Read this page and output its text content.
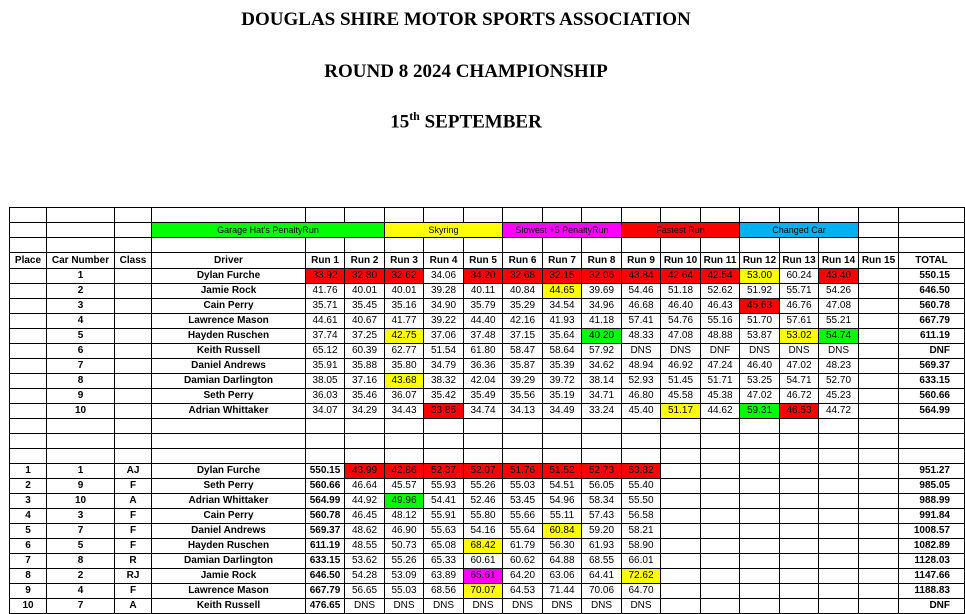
DOUGLAS SHIRE MOTOR SPORTS ASSOCIATION
ROUND 8 2024 CHAMPIONSHIP
15th SEPTEMBER

			Garage Hat's PenaltyRun			Skyring			Slowest +5 PenaltyRun			Fastest Run			Changed Car				

Place	Car Number	Class	Driver	Run 1	Run 2	Run 3	Run 4	Run 5	Run 6	Run 7	Run 8	Run 9	Run 10	Run 11	Run 12	Run 13	Run 14	Run 15	TOTAL
	1		Dylan Furche	33.92	32.80	32.62	34.06	34.20	32.68	32.15	32.06	43.84	42.64	42.54	53.00	60.24	43.40		550.15
	2		Jamie Rock	41.76	40.01	40.01	39.28	40.11	40.84	44.65	39.69	54.46	51.18	52.62	51.92	55.71	54.26		646.50
	3		Cain Perry	35.71	35.45	35.16	34.90	35.79	35.29	34.54	34.96	46.68	46.40	46.43	45.63	46.76	47.08		560.78
	4		Lawrence Mason	44.61	40.67	41.77	39.22	44.40	42.16	41.93	41.18	57.41	54.76	55.16	51.70	57.61	55.21		667.79
	5		Hayden Ruschen	37.74	37.25	42.75	37.06	37.48	37.15	35.64	40.20	48.33	47.08	48.88	53.87	53.02	54.74		611.19
	6		Keith Russell	65.12	60.39	62.77	51.54	61.80	58.47	58.64	57.92	DNS	DNS	DNF	DNS	DNS	DNS		DNF
	7		Daniel Andrews	35.91	35.88	35.80	34.79	36.36	35.87	35.39	34.62	48.94	46.92	47.24	46.40	47.02	48.23		569.37
	8		Damian Darlington	38.05	37.16	43.68	38.32	42.04	39.29	39.72	38.14	52.93	51.45	51.71	53.25	54.71	52.70		633.15
	9		Seth Perry	36.03	35.46	36.07	35.42	35.49	35.56	35.19	34.71	46.80	45.58	45.38	47.02	46.72	45.23		560.66
	10		Adrian Whittaker	34.07	34.29	34.43	33.85	34.74	34.13	34.49	33.24	45.40	51.17	44.62	59.31	46.53	44.72		564.99

1	1	AJ	Dylan Furche	550.15	43.99	42.86	52.37	52.07	51.76	51.52	52.73	53.82							951.27
2	9	F	Seth Perry	560.66	46.64	45.57	55.93	55.26	55.03	54.51	56.05	55.40							985.05
3	10	A	Adrian Whittaker	564.99	44.92	49.96	54.41	52.46	53.45	54.96	58.34	55.50							988.99
4	3	F	Cain Perry	560.78	46.45	48.12	55.91	55.80	55.66	55.11	57.43	56.58							991.84
5	7	F	Daniel Andrews	569.37	48.62	46.90	55.63	54.16	55.64	60.84	59.20	58.21							1008.57
6	5	F	Hayden Ruschen	611.19	48.55	50.73	65.08	68.42	61.79	56.30	61.93	58.90							1082.89
7	8	R	Damian Darlington	633.15	53.62	55.26	65.33	60.61	60.62	64.88	68.55	66.01							1128.03
8	2	RJ	Jamie Rock	646.50	54.28	53.09	63.89	65.61	64.20	63.06	64.41	72.62							1147.66
9	4	F	Lawrence Mason	667.79	56.65	55.03	68.56	70.07	64.53	71.44	70.06	64.70							1188.83
10	7	A	Keith Russell	476.65	DNS	DNS	DNS	DNS	DNS	DNS	DNS	DNS							DNF
